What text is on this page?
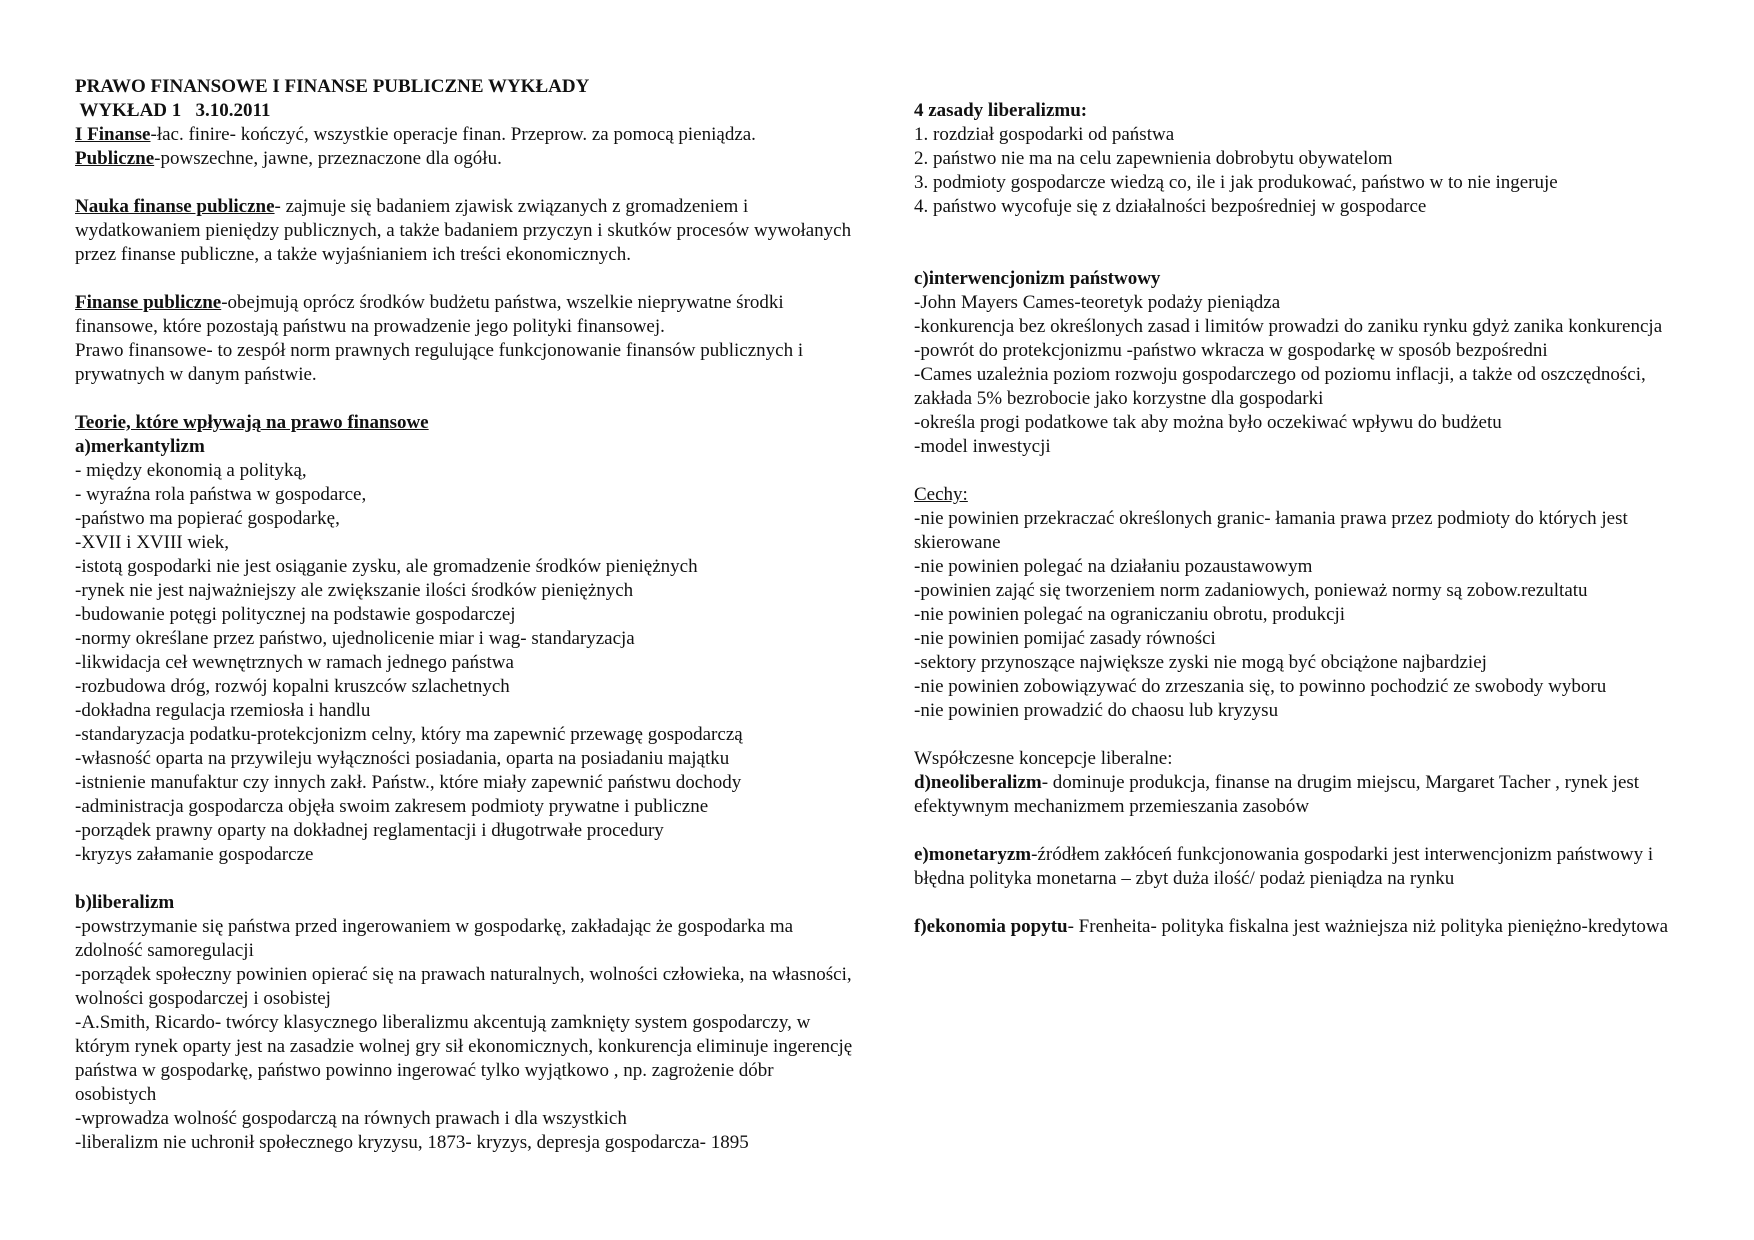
PRAWO FINANSOWE I FINANSE PUBLICZNE WYKŁADY
WYKŁAD 1   3.10.2011
I Finanse-łac. finire- kończyć, wszystkie operacje finan. Przeprow. za pomocą pieniądza.
Publiczne-powszechne, jawne, przeznaczone dla ogółu.
Nauka finanse publiczne- zajmuje się badaniem zjawisk związanych z gromadzeniem i wydatkowaniem pieniędzy publicznych, a także badaniem przyczyn i skutków procesów wywołanych przez finanse publiczne, a także wyjaśnianiem ich treści ekonomicznych.
Finanse publiczne-obejmują oprócz środków budżetu państwa, wszelkie nieprywatne środki finansowe, które pozostają państwu na prowadzenie jego polityki finansowej.
Prawo finansowe- to zespół norm prawnych regulujące funkcjonowanie finansów publicznych i prywatnych w danym państwie.
Teorie, które wpływają na prawo finansowe
a)merkantylizm
- między ekonomią a polityką,
- wyraźna rola państwa w gospodarce,
-państwo ma popierać gospodarkę,
-XVII i XVIII wiek,
-istotą gospodarki nie jest osiąganie zysku, ale gromadzenie środków pieniężnych
-rynek nie jest najważniejszy ale zwiększanie ilości środków pieniężnych
-budowanie potęgi politycznej na podstawie gospodarczej
-normy określane przez państwo, ujednolicenie miar i wag- standaryzacja
-likwidacja ceł wewnętrznych w ramach jednego państwa
-rozbudowa dróg, rozwój kopalni kruszców szlachetnych
-dokładna regulacja rzemiosła i handlu
-standaryzacja podatku-protekcjonizm celny, który ma zapewnić przewagę gospodarczą
-własność oparta na przywileju wyłączności posiadania, oparta na posiadaniu majątku
-istnienie manufaktur czy innych zakł. Państw., które miały zapewnić państwu dochody
-administracja gospodarcza objęła swoim zakresem podmioty prywatne i publiczne
-porządek prawny oparty na dokładnej reglamentacji i długotrwałe procedury
-kryzys załamanie gospodarcze
b)liberalizm
-powstrzymanie się państwa przed ingerowaniem w gospodarkę, zakładając że gospodarka ma zdolność samoregulacji
-porządek społeczny powinien opierać się na prawach naturalnych, wolności człowieka, na własności, wolności gospodarczej i osobistej
-A.Smith, Ricardo- twórcy klasycznego liberalizmu akcentują zamknięty system gospodarczy, w którym rynek oparty jest na zasadzie wolnej gry sił ekonomicznych, konkurencja eliminuje ingerencję państwa w gospodarkę, państwo powinno ingerować tylko wyjątkowo , np. zagrożenie dóbr osobistych
-wprowadza wolność gospodarczą na równych prawach i dla wszystkich
-liberalizm nie uchronił społecznego kryzysu, 1873- kryzys, depresja gospodarcza- 1895
4 zasady liberalizmu:
1. rozdział gospodarki od państwa
2. państwo nie ma na celu zapewnienia dobrobytu obywatelom
3. podmioty gospodarcze wiedzą co, ile i jak produkować, państwo w to nie ingeruje
4. państwo wycofuje się z działalności bezpośredniej w gospodarce
c)interwencjonizm państwowy
-John Mayers Cames-teoretyk podaży pieniądza
-konkurencja bez określonych zasad i limitów prowadzi do zaniku rynku gdyż zanika konkurencja
-powrót do protekcjonizmu -państwo wkracza w gospodarkę w sposób bezpośredni
-Cames uzależnia poziom rozwoju gospodarczego od poziomu inflacji, a także od oszczędności, zakłada 5% bezrobocie jako korzystne dla gospodarki
-określa progi podatkowe tak aby można było oczekiwać wpływu do budżetu
-model inwestycji
Cechy:
-nie powinien przekraczać określonych granic- łamania prawa przez podmioty do których jest skierowane
-nie powinien polegać na działaniu pozaustawowym
-powinien zająć się tworzeniem norm zadaniowych, ponieważ normy są zobow.rezultatu
-nie powinien polegać na ograniczaniu obrotu, produkcji
-nie powinien pomijać zasady równości
-sektory przynoszące największe zyski nie mogą być obciążone najbardziej
-nie powinien zobowiązywać do zrzeszania się, to powinno pochodzić ze swobody wyboru
-nie powinien prowadzić do chaosu lub kryzysu
Współczesne koncepcje liberalne:
d)neoliberalizm- dominuje produkcja, finanse na drugim miejscu, Margaret Tacher , rynek jest efektywnym mechanizmem przemieszania zasobów
e)monetaryzm-źródłem zakłóceń funkcjonowania gospodarki jest interwencjonizm państwowy i błędna polityka monetarna – zbyt duża ilość/ podaż pieniądza na rynku
f)ekonomia popytu- Frenheita- polityka fiskalna jest ważniejsza niż polityka pieniężno-kredytowa
